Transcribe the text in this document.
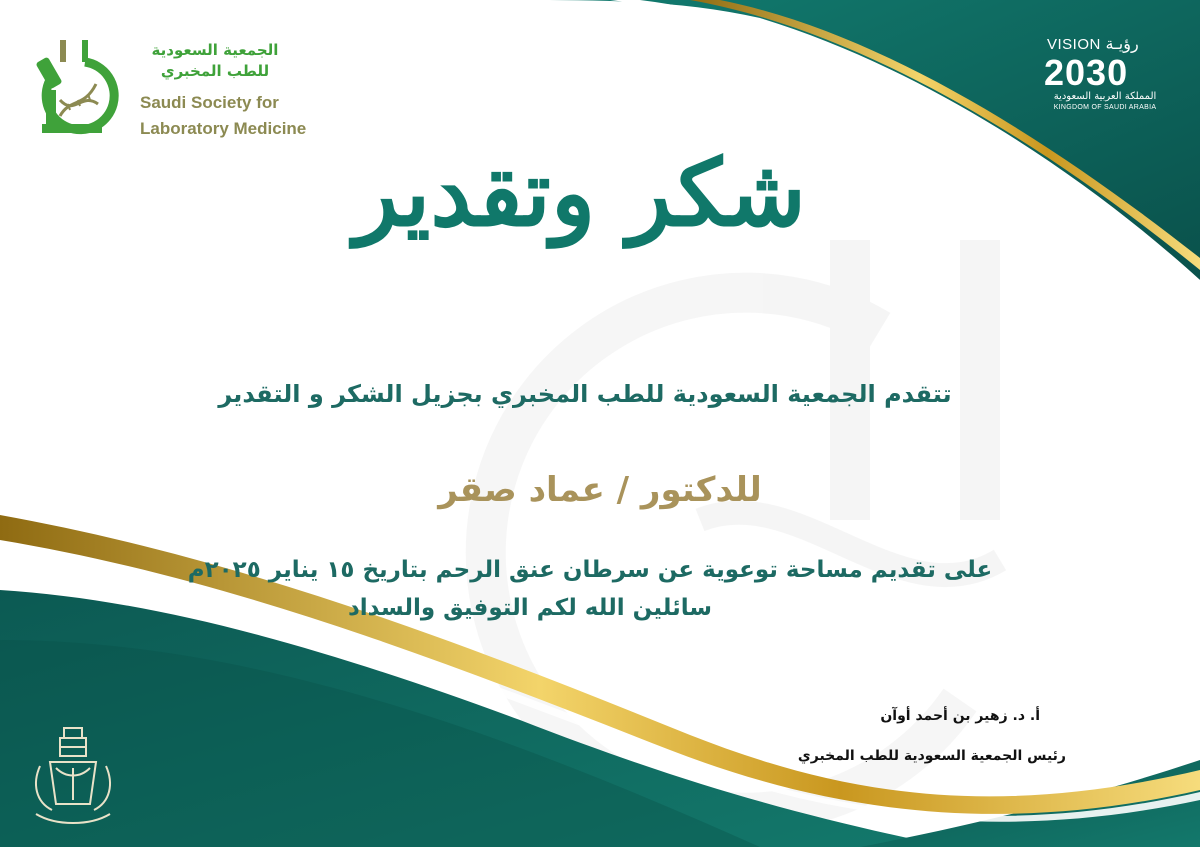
الجمعية السعودية
للطب المخبري
Saudi Society for
Laboratory Medicine
VISION رؤيـة
2030
المملكة العربية السعودية
KINGDOM OF SAUDI ARABIA
شكر وتقدير
تتقدم الجمعية السعودية للطب المخبري بجزيل الشكر و التقدير
للدكتور / عماد صقر
على تقديم مساحة توعوية عن سرطان عنق الرحم بتاريخ ١٥ يناير ٢٠٢٥م
سائلين الله لكم التوفيق والسداد
أ. د. زهير بن أحمد أوآن
رئيس الجمعية السعودية للطب المخبري
